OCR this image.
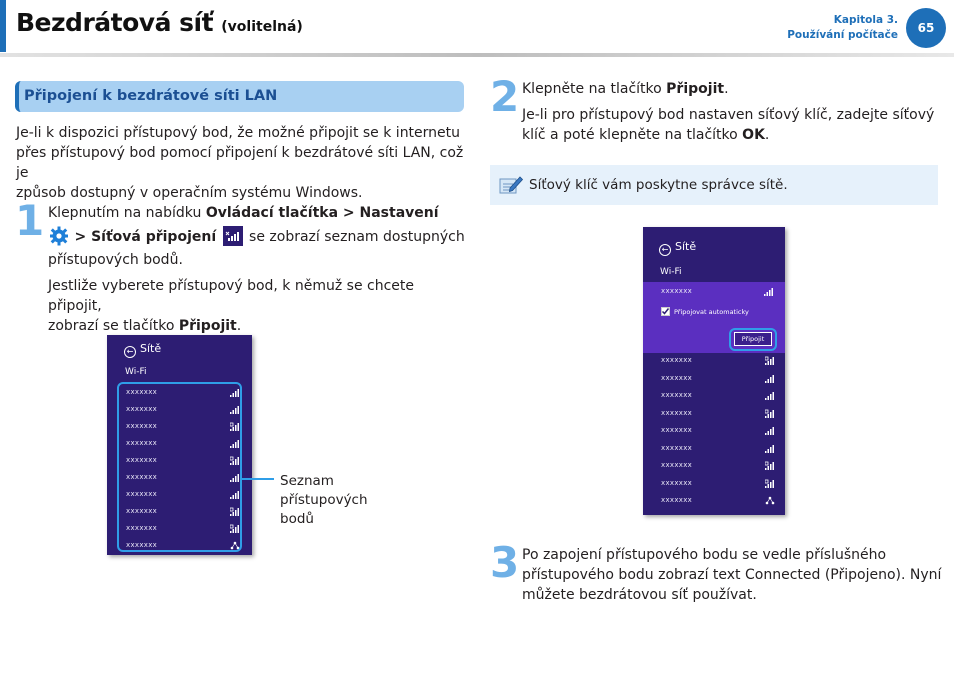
Bezdrátová síť (volitelná)	Kapitola 3.
Používání počítače	65
Připojení k bezdrátové síti LAN
Je-li k dispozici přístupový bod, že možné připojit se k internetu
přes přístupový bod pomocí připojení k bezdrátové síti LAN, což je
způsob dostupný v operačním systému Windows.
1 Klepnutím na nabídku Ovládací tlačítka > Nastavení
> Síťová připojení
se zobrazí seznam dostupných
přístupových bodů.
Jestliže vyberete přístupový bod, k němuž se chcete připojit,
zobrazí se tlačítko Připojit.
← Sítě
Wi-Fi
xxxxxxx
xxxxxxx
xxxxxxx
xxxxxxx
xxxxxxx
xxxxxxx
xxxxxxx
xxxxxxx
xxxxxxx
xxxxxxx
Seznam
přístupových
bodů
2 Klepněte na tlačítko Připojit.
Je-li pro přístupový bod nastaven síťový klíč, zadejte síťový
klíč a poté klepněte na tlačítko OK.
Síťový klíč vám poskytne správce sítě.
← Sítě
Wi-Fi
xxxxxxx
Připojovat automaticky
xxxxxxx
xxxxxxx
xxxxxxx
xxxxxxx
xxxxxxx
xxxxxxx
xxxxxxx
xxxxxxx
xxxxxxx
Připojit
3 Po zapojení přístupového bodu se vedle příslušného
přístupového bodu zobrazí text Connected (Připojeno). Nyní
můžete bezdrátovou síť používat.
